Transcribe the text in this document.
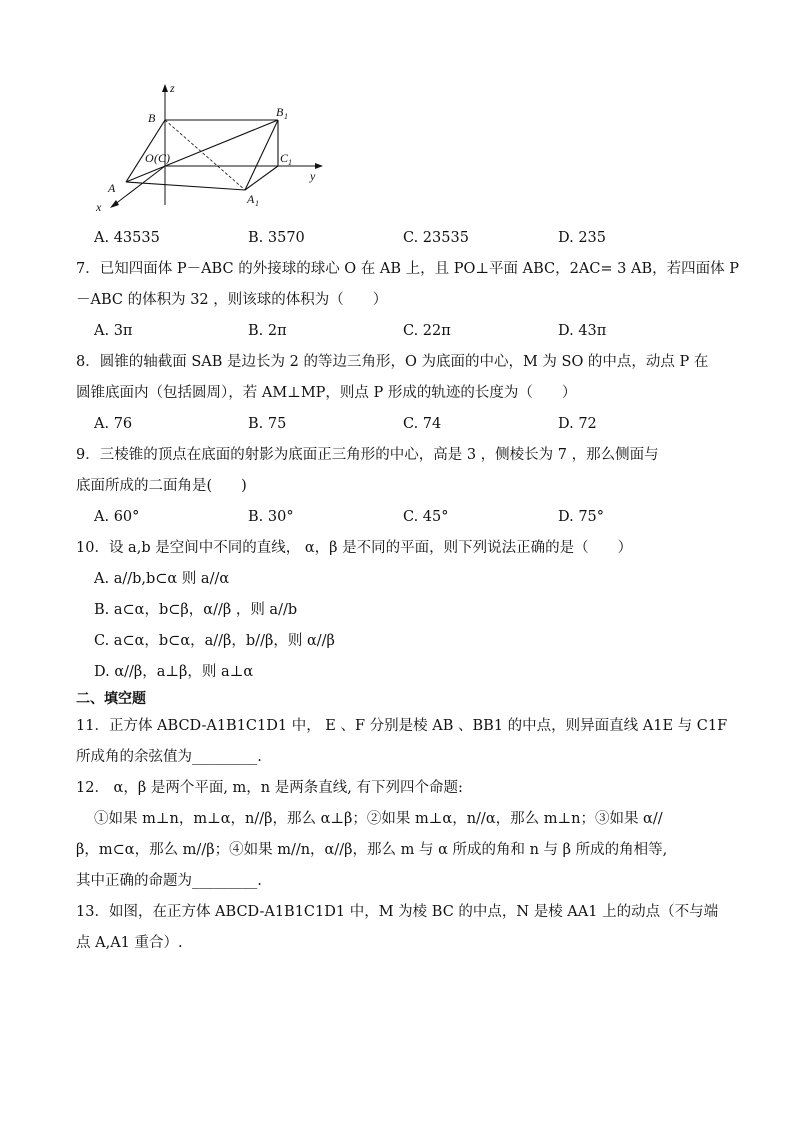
z
B	B 1
O (C)	C 1
y
A
A 1
x
A. 43535	B. 3570	C. 23535	D. 235
7．已知四面体 P－ABC 的外接球的球心 O 在 AB 上，且 PO⊥平面 ABC，2AC= 3 AB，若四面体 P
－ABC 的体积为 32 ，则该球的体积为（　　）
A. 3π	B. 2π	C. 22π	D. 43π
8．圆锥的轴截面 SAB 是边长为 2 的等边三角形，O 为底面的中心，M 为 SO 的中点，动点 P 在
圆锥底面内（包括圆周），若 AM⊥MP，则点 P 形成的轨迹的长度为（　　）
A. 76	B. 75	C. 74	D. 72
9．三棱锥的顶点在底面的射影为底面正三角形的中心，高是 3 ，侧棱长为 7 ，那么侧面与
底面所成的二面角是(　　)
A. 60°	B. 30°	C. 45°	D. 75°
10．设 a,b 是空间中不同的直线， α，β 是不同的平面，则下列说法正确的是（　　）
A. a//b,b⊂α 则 a//α
B. a⊂α，b⊂β，α//β ，则 a//b
C. a⊂α，b⊂α，a//β，b//β，则 α//β
D. α//β，a⊥β，则 a⊥α
二、填空题
11．正方体 ABCD-A1B1C1D1 中， E 、F 分别是棱 AB 、BB1 的中点，则异面直线 A1E 与 C1F
所成角的余弦值为_________.
12． α，β 是两个平面, m，n 是两条直线, 有下列四个命题:
①如果 m⊥n，m⊥α，n//β，那么 α⊥β；②如果 m⊥α，n//α，那么 m⊥n；③如果 α//
β，m⊂α，那么 m//β；④如果 m//n，α//β，那么 m 与 α 所成的角和 n 与 β 所成的角相等,
其中正确的命题为_________.
13．如图，在正方体 ABCD-A1B1C1D1 中，M 为棱 BC 的中点，N 是棱 AA1 上的动点（不与端
点 A,A1 重合）.
